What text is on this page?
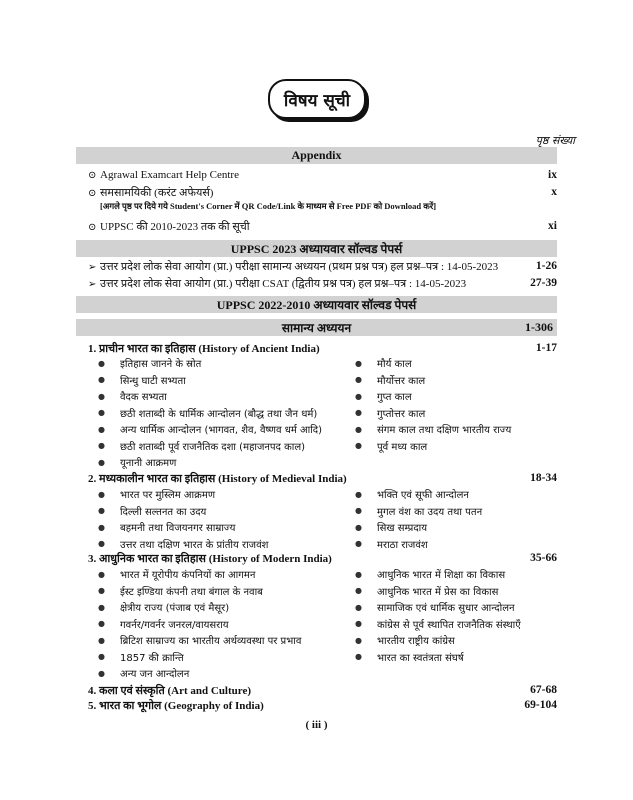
विषय सूची
पृष्ठ संख्या
Appendix
⊙ Agrawal Examcart Help Centre	ix
⊙ समसामयिकी (करंट अफेयर्स)	x
[अगले पृष्ठ पर दिये गये Student's Corner में QR Code/Link के माध्यम से Free PDF को Download करें]
⊙ UPPSC की 2010-2023 तक की सूची	xi
UPPSC 2023 अध्यायवार सॉल्वड पेपर्स
➢ उत्तर प्रदेश लोक सेवा आयोग (प्रा.) परीक्षा सामान्य अध्ययन (प्रथम प्रश्न पत्र) हल प्रश्न–पत्र : 14-05-2023	1-26
➢ उत्तर प्रदेश लोक सेवा आयोग (प्रा.) परीक्षा CSAT (द्वितीय प्रश्न पत्र) हल प्रश्न–पत्र : 14-05-2023	27-39
UPPSC 2022-2010 अध्यायवार सॉल्वड पेपर्स
सामान्य अध्ययन	1-306
1. प्राचीन भारत का इतिहास (History of Ancient India)	1-17
●	इतिहास जानने के स्रोत
●	सिन्धु घाटी सभ्यता
●	वैदक सभ्यता
●	छठी शताब्दी के धार्मिक आन्दोलन (बौद्ध तथा जैन धर्म)
●	अन्य धार्मिक आन्दोलन (भागवत, शैव, वैष्णव धर्म आदि)
●	छठी शताब्दी पूर्व राजनैतिक दशा (महाजनपद काल)
●	यूनानी आक्रमण
●	मौर्य काल
●	मौर्योत्तर काल
●	गुप्त काल
●	गुप्तोत्तर काल
●	संगम काल तथा दक्षिण भारतीय राज्य
●	पूर्व मध्य काल
2. मध्यकालीन भारत का इतिहास (History of Medieval India)	18-34
●	भारत पर मुस्लिम आक्रमण
●	दिल्ली सल्तनत का उदय
●	बहमनी तथा विजयनगर साम्राज्य
●	उत्तर तथा दक्षिण भारत के प्रांतीय राजवंश
●	भक्ति एवं सूफी आन्दोलन
●	मुगल वंश का उदय तथा पतन
●	सिख सम्प्रदाय
●	मराठा राजवंश
3. आधुनिक भारत का इतिहास (History of Modern India)	35-66
●	भारत में यूरोपीय कंपनियों का आगमन
●	ईस्ट इण्डिया कंपनी तथा बंगाल के नवाब
●	क्षेत्रीय राज्य (पंजाब एवं मैसूर)
●	गवर्नर/गवर्नर जनरल/वायसराय
●	ब्रिटिश साम्राज्य का भारतीय अर्थव्यवस्था पर प्रभाव
●	1857 की क्रान्ति
●	अन्य जन आन्दोलन
●	आधुनिक भारत में शिक्षा का विकास
●	आधुनिक भारत में प्रेस का विकास
●	सामाजिक एवं धार्मिक सुधार आन्दोलन
●	कांग्रेस से पूर्व स्थापित राजनैतिक संस्थाएँ
●	भारतीय राष्ट्रीय कांग्रेस
●	भारत का स्वतंत्रता संघर्ष
4. कला एवं संस्कृति (Art and Culture)	67-68
5. भारत का भूगोल (Geography of India)	69-104
( iii )
